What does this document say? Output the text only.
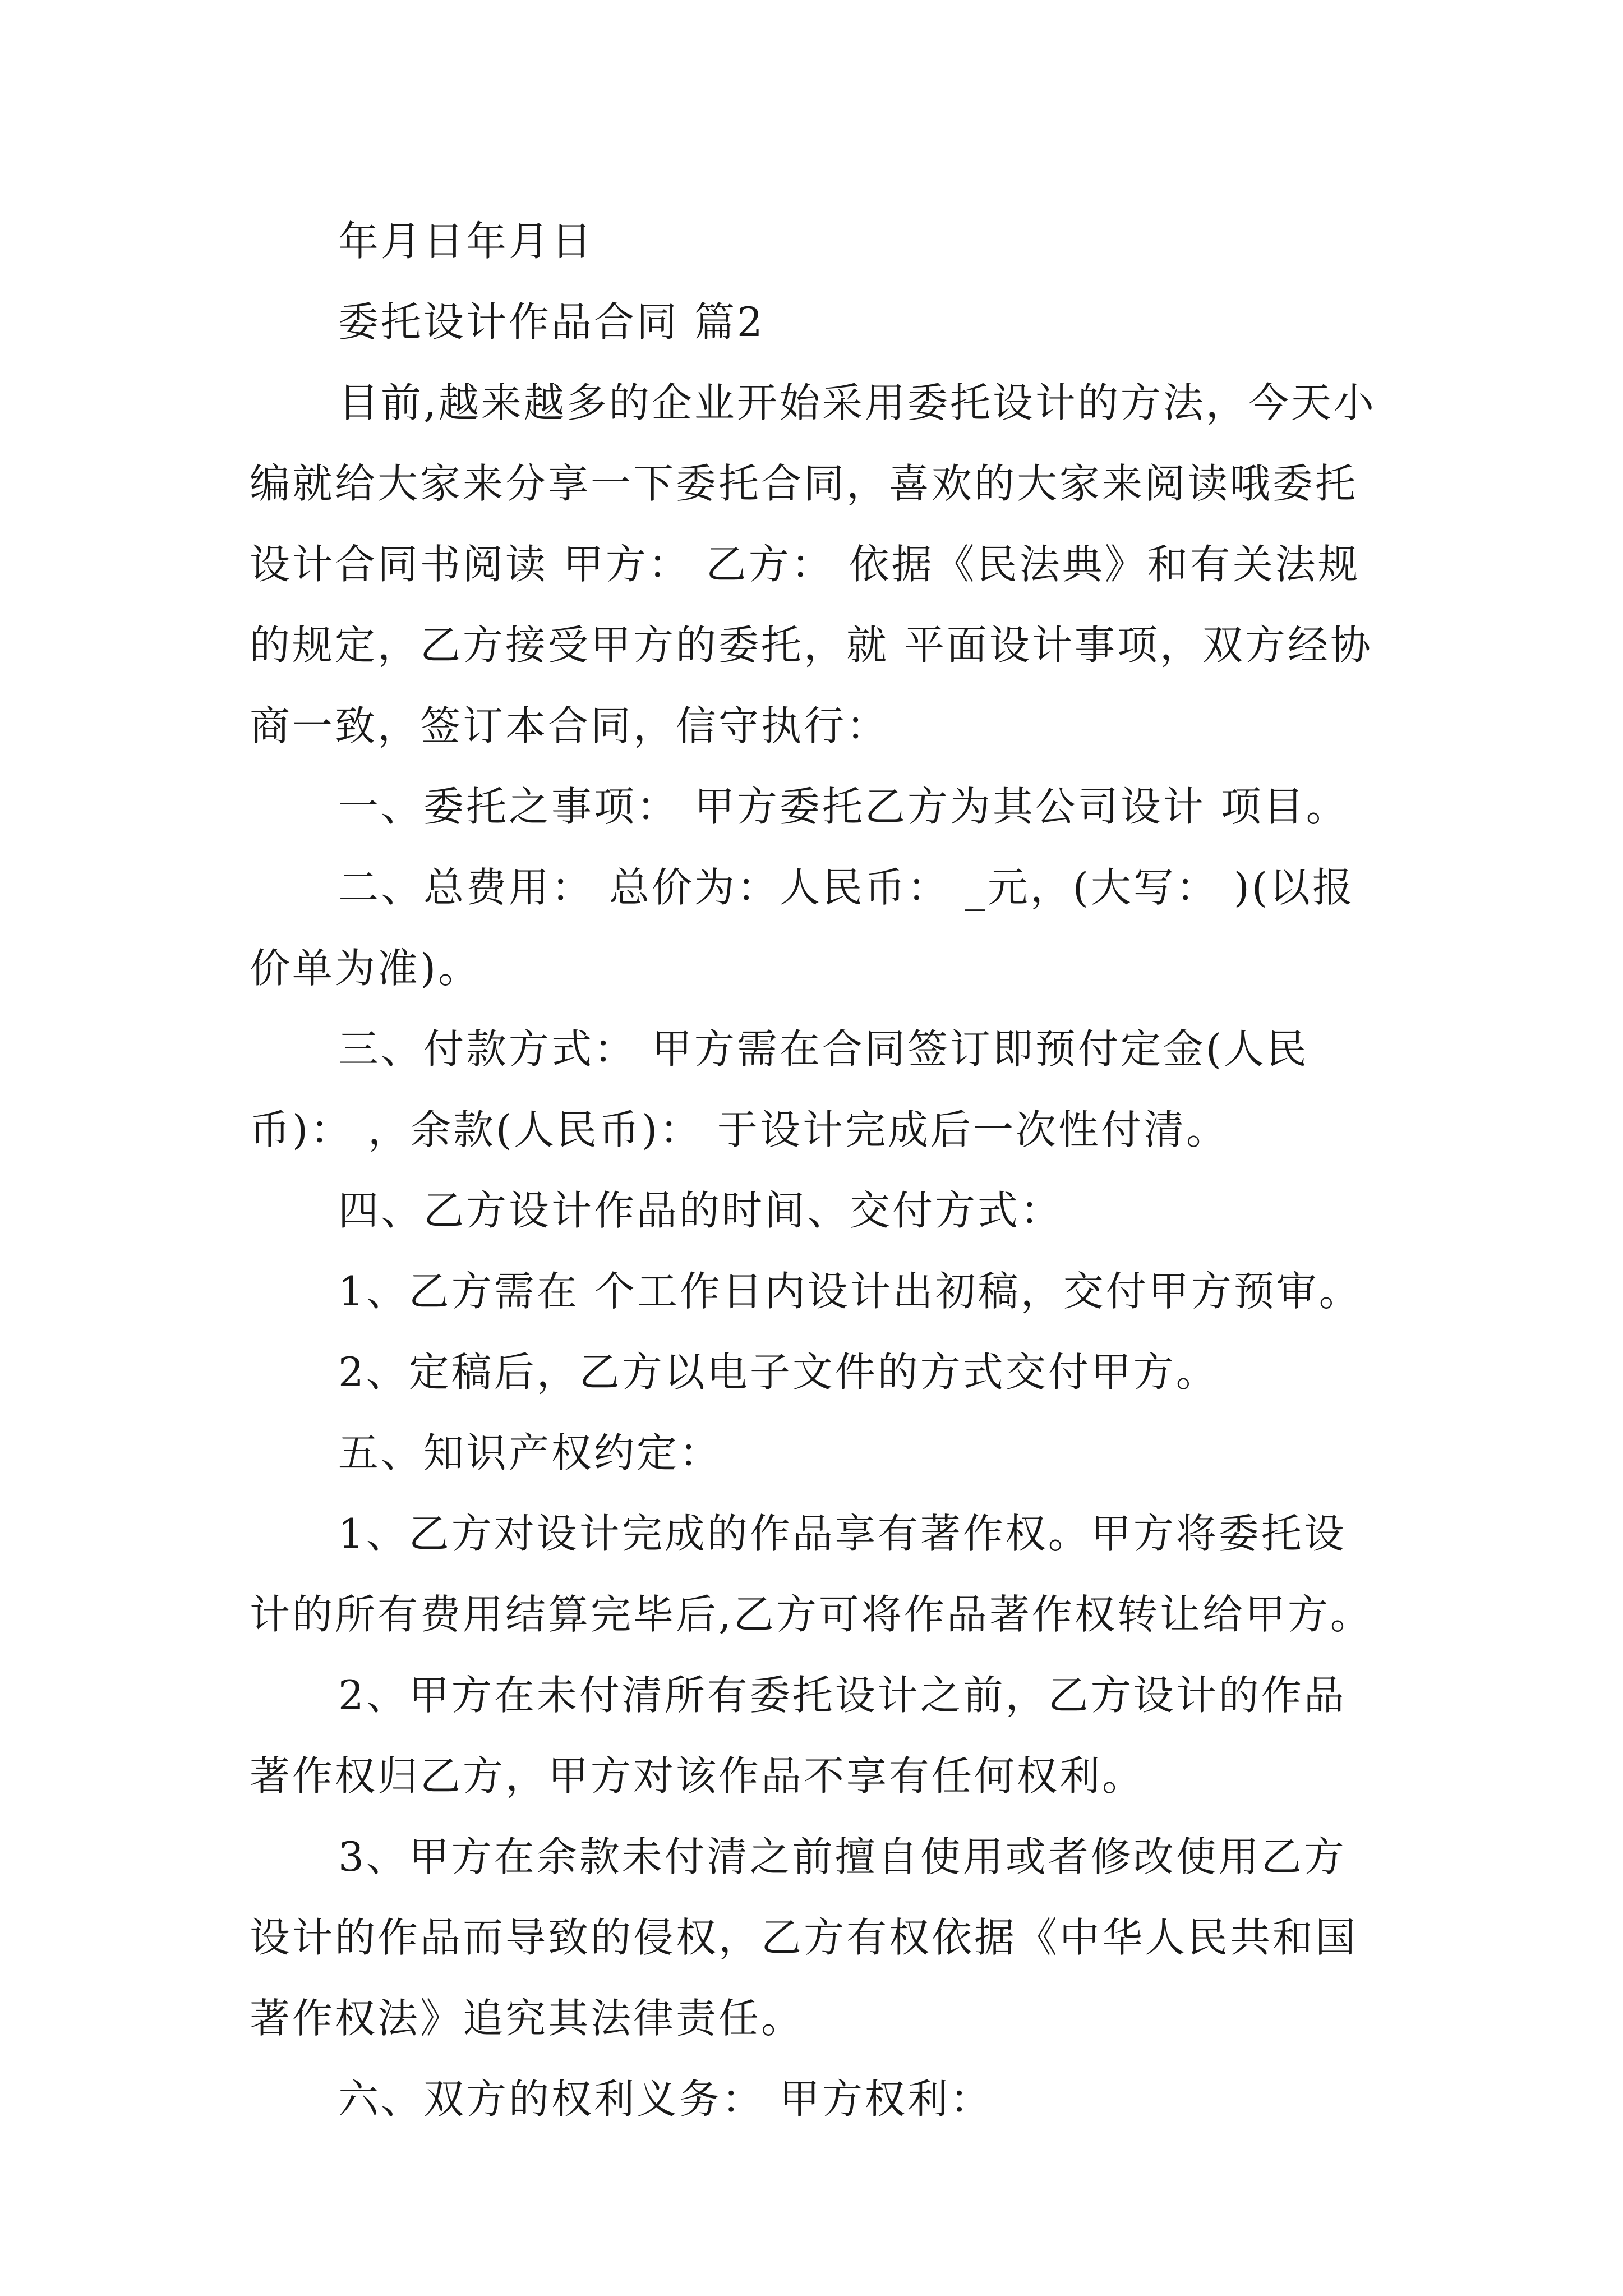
年月日年月日

委托设计作品合同 篇2

目前,越来越多的企业开始采用委托设计的方法，今天小编就给大家来分享一下委托合同，喜欢的大家来阅读哦委托设计合同书阅读 甲方： 乙方： 依据《民法典》和有关法规的规定，乙方接受甲方的委托，就 平面设计事项，双方经协商一致，签订本合同，信守执行：

一、委托之事项： 甲方委托乙方为其公司设计 项目。

二、总费用： 总价为：人民币： _元，(大写： )(以报价单为准)。

三、付款方式： 甲方需在合同签订即预付定金(人民币)： ，余款(人民币)： 于设计完成后一次性付清。

四、乙方设计作品的时间、交付方式：

1、乙方需在 个工作日内设计出初稿，交付甲方预审。

2、定稿后，乙方以电子文件的方式交付甲方。

五、知识产权约定：

1、乙方对设计完成的作品享有著作权。甲方将委托设计的所有费用结算完毕后,乙方可将作品著作权转让给甲方。

2、甲方在未付清所有委托设计之前，乙方设计的作品著作权归乙方，甲方对该作品不享有任何权利。

3、甲方在余款未付清之前擅自使用或者修改使用乙方设计的作品而导致的侵权，乙方有权依据《中华人民共和国著作权法》追究其法律责任。

六、双方的权利义务： 甲方权利：
